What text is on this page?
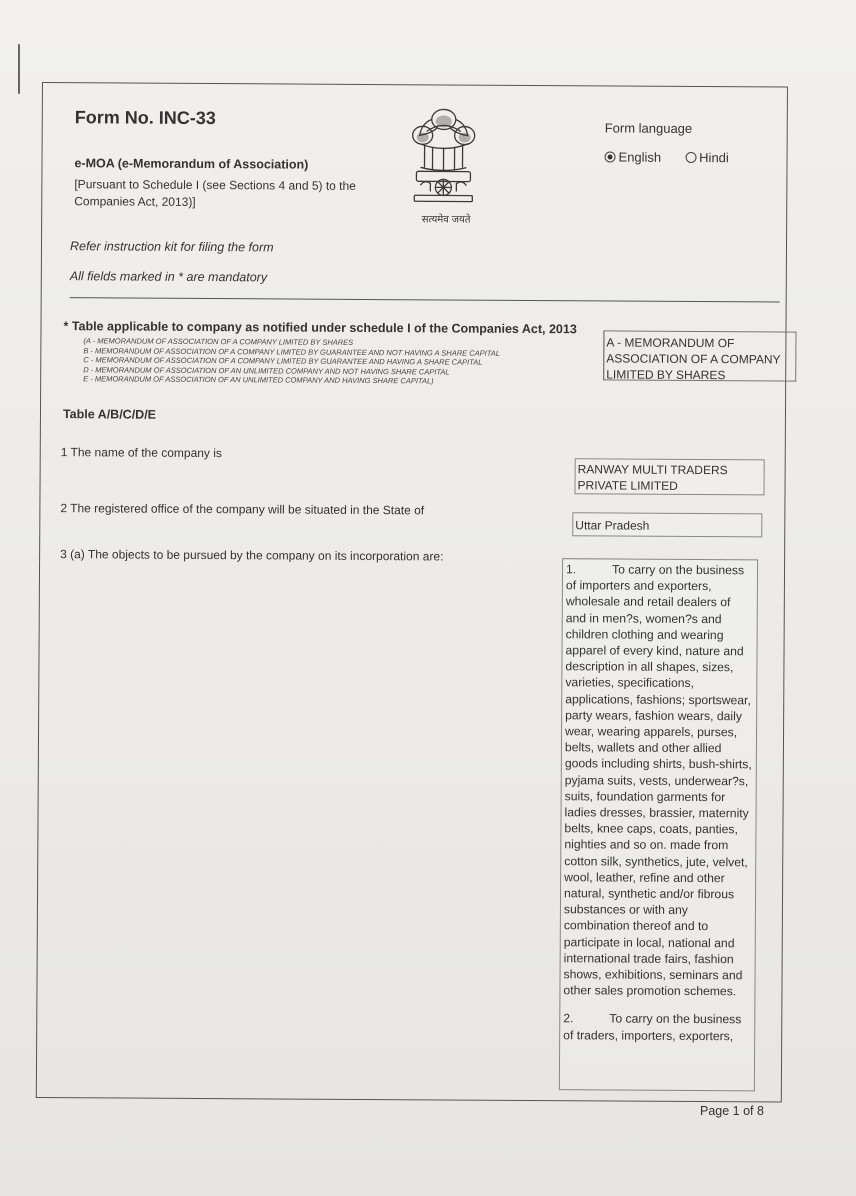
Form No. INC-33
e-MOA (e-Memorandum of Association)
[Pursuant to Schedule I (see Sections 4 and 5) to the Companies Act, 2013)]
सत्यमेव जयते
Form language
English	Hindi
Refer instruction kit for filing the form
All fields marked in * are mandatory
* Table applicable to company as notified under schedule I of the Companies Act, 2013
(A - MEMORANDUM OF ASSOCIATION OF A COMPANY LIMITED BY SHARES
B - MEMORANDUM OF ASSOCIATION OF A COMPANY LIMITED BY GUARANTEE AND NOT HAVING A SHARE CAPITAL
C - MEMORANDUM OF ASSOCIATION OF A COMPANY LIMITED BY GUARANTEE AND HAVING A SHARE CAPITAL
D - MEMORANDUM OF ASSOCIATION OF AN UNLIMITED COMPANY AND NOT HAVING SHARE CAPITAL
E - MEMORANDUM OF ASSOCIATION OF AN UNLIMITED COMPANY AND HAVING SHARE CAPITAL)
A - MEMORANDUM OF ASSOCIATION OF A COMPANY LIMITED BY SHARES
Table A/B/C/D/E
1 The name of the company is
RANWAY MULTI TRADERS PRIVATE LIMITED
2 The registered office of the company will be situated in the State of
Uttar Pradesh
3 (a) The objects to be pursued by the company on its incorporation are:
1.	To carry on the business of importers and exporters, wholesale and retail dealers of and in men?s, women?s and children clothing and wearing apparel of every kind, nature and description in all shapes, sizes, varieties, specifications, applications, fashions; sportswear, party wears, fashion wears, daily wear, wearing apparels, purses, belts, wallets and other allied goods including shirts, bush-shirts, pyjama suits, vests, underwear?s, suits, foundation garments for ladies dresses, brassier, maternity belts, knee caps, coats, panties, nighties and so on. made from cotton silk, synthetics, jute, velvet, wool, leather, refine and other natural, synthetic and/or fibrous substances or with any combination thereof and to participate in local, national and international trade fairs, fashion shows, exhibitions, seminars and other sales promotion schemes.
2.	To carry on the business of traders, importers, exporters,
Page 1 of 8
